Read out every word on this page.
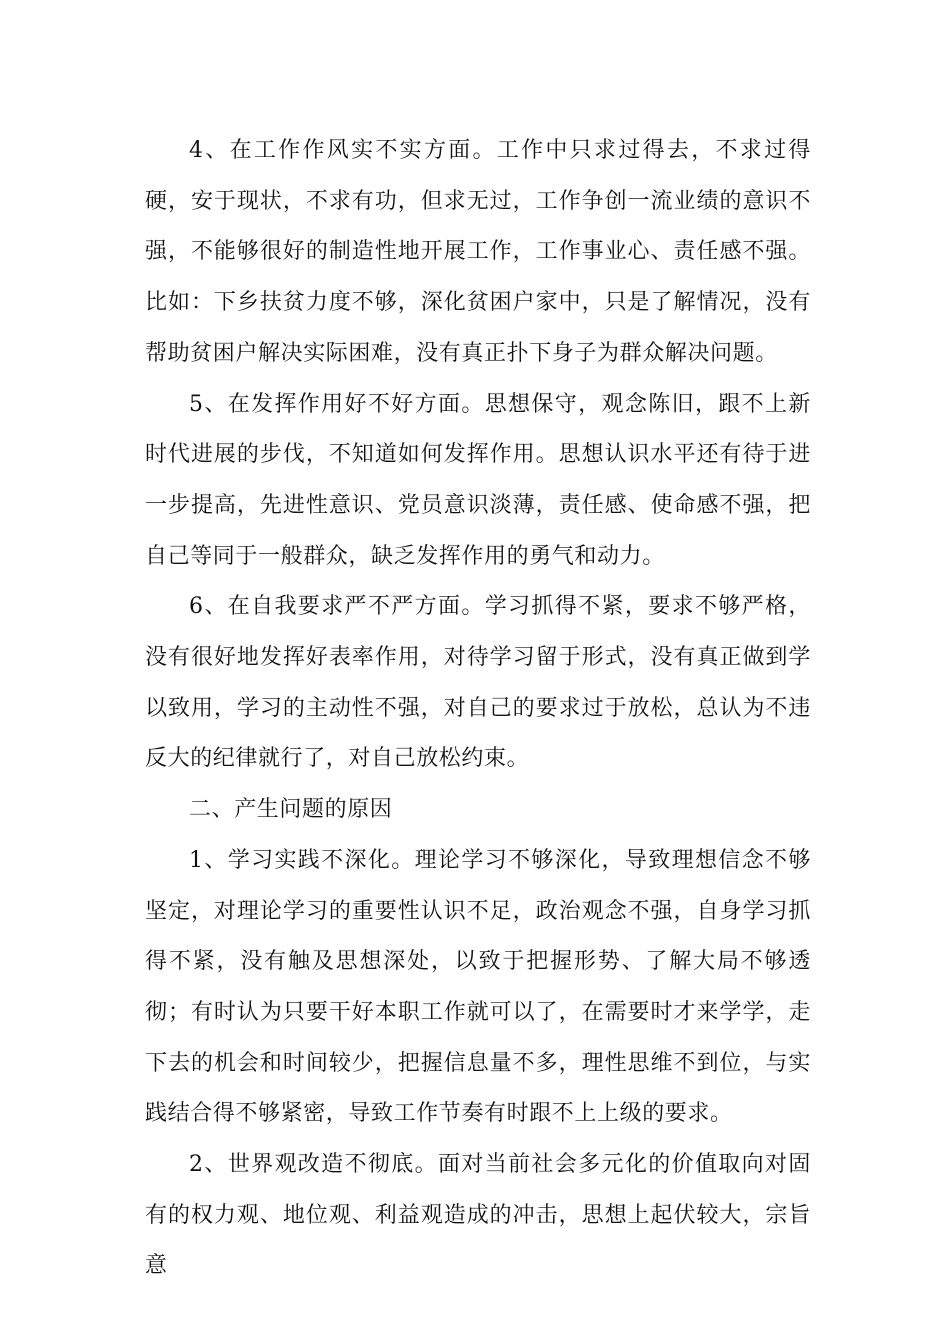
4、在工作作风实不实方面。工作中只求过得去，不求过得硬，安于现状，不求有功，但求无过，工作争创一流业绩的意识不强，不能够很好的制造性地开展工作，工作事业心、责任感不强。比如：下乡扶贫力度不够，深化贫困户家中，只是了解情况，没有帮助贫困户解决实际困难，没有真正扑下身子为群众解决问题。

5、在发挥作用好不好方面。思想保守，观念陈旧，跟不上新时代进展的步伐，不知道如何发挥作用。思想认识水平还有待于进一步提高，先进性意识、党员意识淡薄，责任感、使命感不强，把自己等同于一般群众，缺乏发挥作用的勇气和动力。

6、在自我要求严不严方面。学习抓得不紧，要求不够严格，没有很好地发挥好表率作用，对待学习留于形式，没有真正做到学以致用，学习的主动性不强，对自己的要求过于放松，总认为不违反大的纪律就行了，对自己放松约束。

二、产生问题的原因

1、学习实践不深化。理论学习不够深化，导致理想信念不够坚定，对理论学习的重要性认识不足，政治观念不强，自身学习抓得不紧，没有触及思想深处，以致于把握形势、了解大局不够透彻；有时认为只要干好本职工作就可以了，在需要时才来学学，走下去的机会和时间较少，把握信息量不多，理性思维不到位，与实践结合得不够紧密，导致工作节奏有时跟不上上级的要求。

2、世界观改造不彻底。面对当前社会多元化的价值取向对固有的权力观、地位观、利益观造成的冲击，思想上起伏较大，宗旨意
